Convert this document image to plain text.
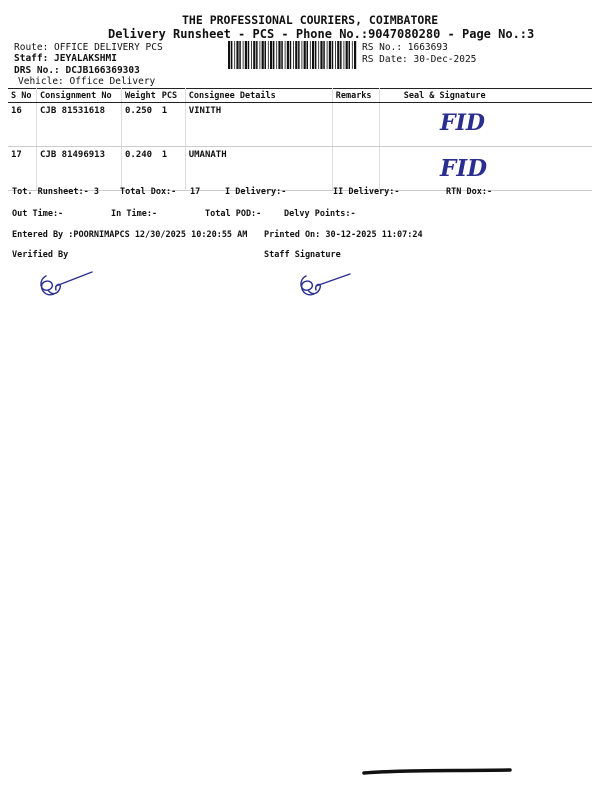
THE PROFESSIONAL COURIERS, COIMBATORE
Delivery Runsheet - PCS - Phone No.:9047080280 - Page No.:3
Route: OFFICE DELIVERY PCS
Staff: JEYALAKSHMI
DRS No.: DCJB166369303
Vehicle: Office Delivery
RS No.: 1663693
RS Date: 30-Dec-2025
S No	Consignment No	Weight	PCS	Consignee Details	Remarks	Seal & Signature
16	CJB 81531618	0.250	1	VINITH		FID

17	CJB 81496913	0.240	1	UMANATH		FID
Tot. Runsheet:- 3 Total Dox:- 17	I Delivery:-	II Delivery:-	RTN Dox:-
Out Time:-	In Time:-	Total POD:-	Delvy Points:-
Entered By :POORNIMAPCS 12/30/2025 10:20:55 AM Printed On: 30-12-2025 11:07:24
Verified By	Staff Signature
